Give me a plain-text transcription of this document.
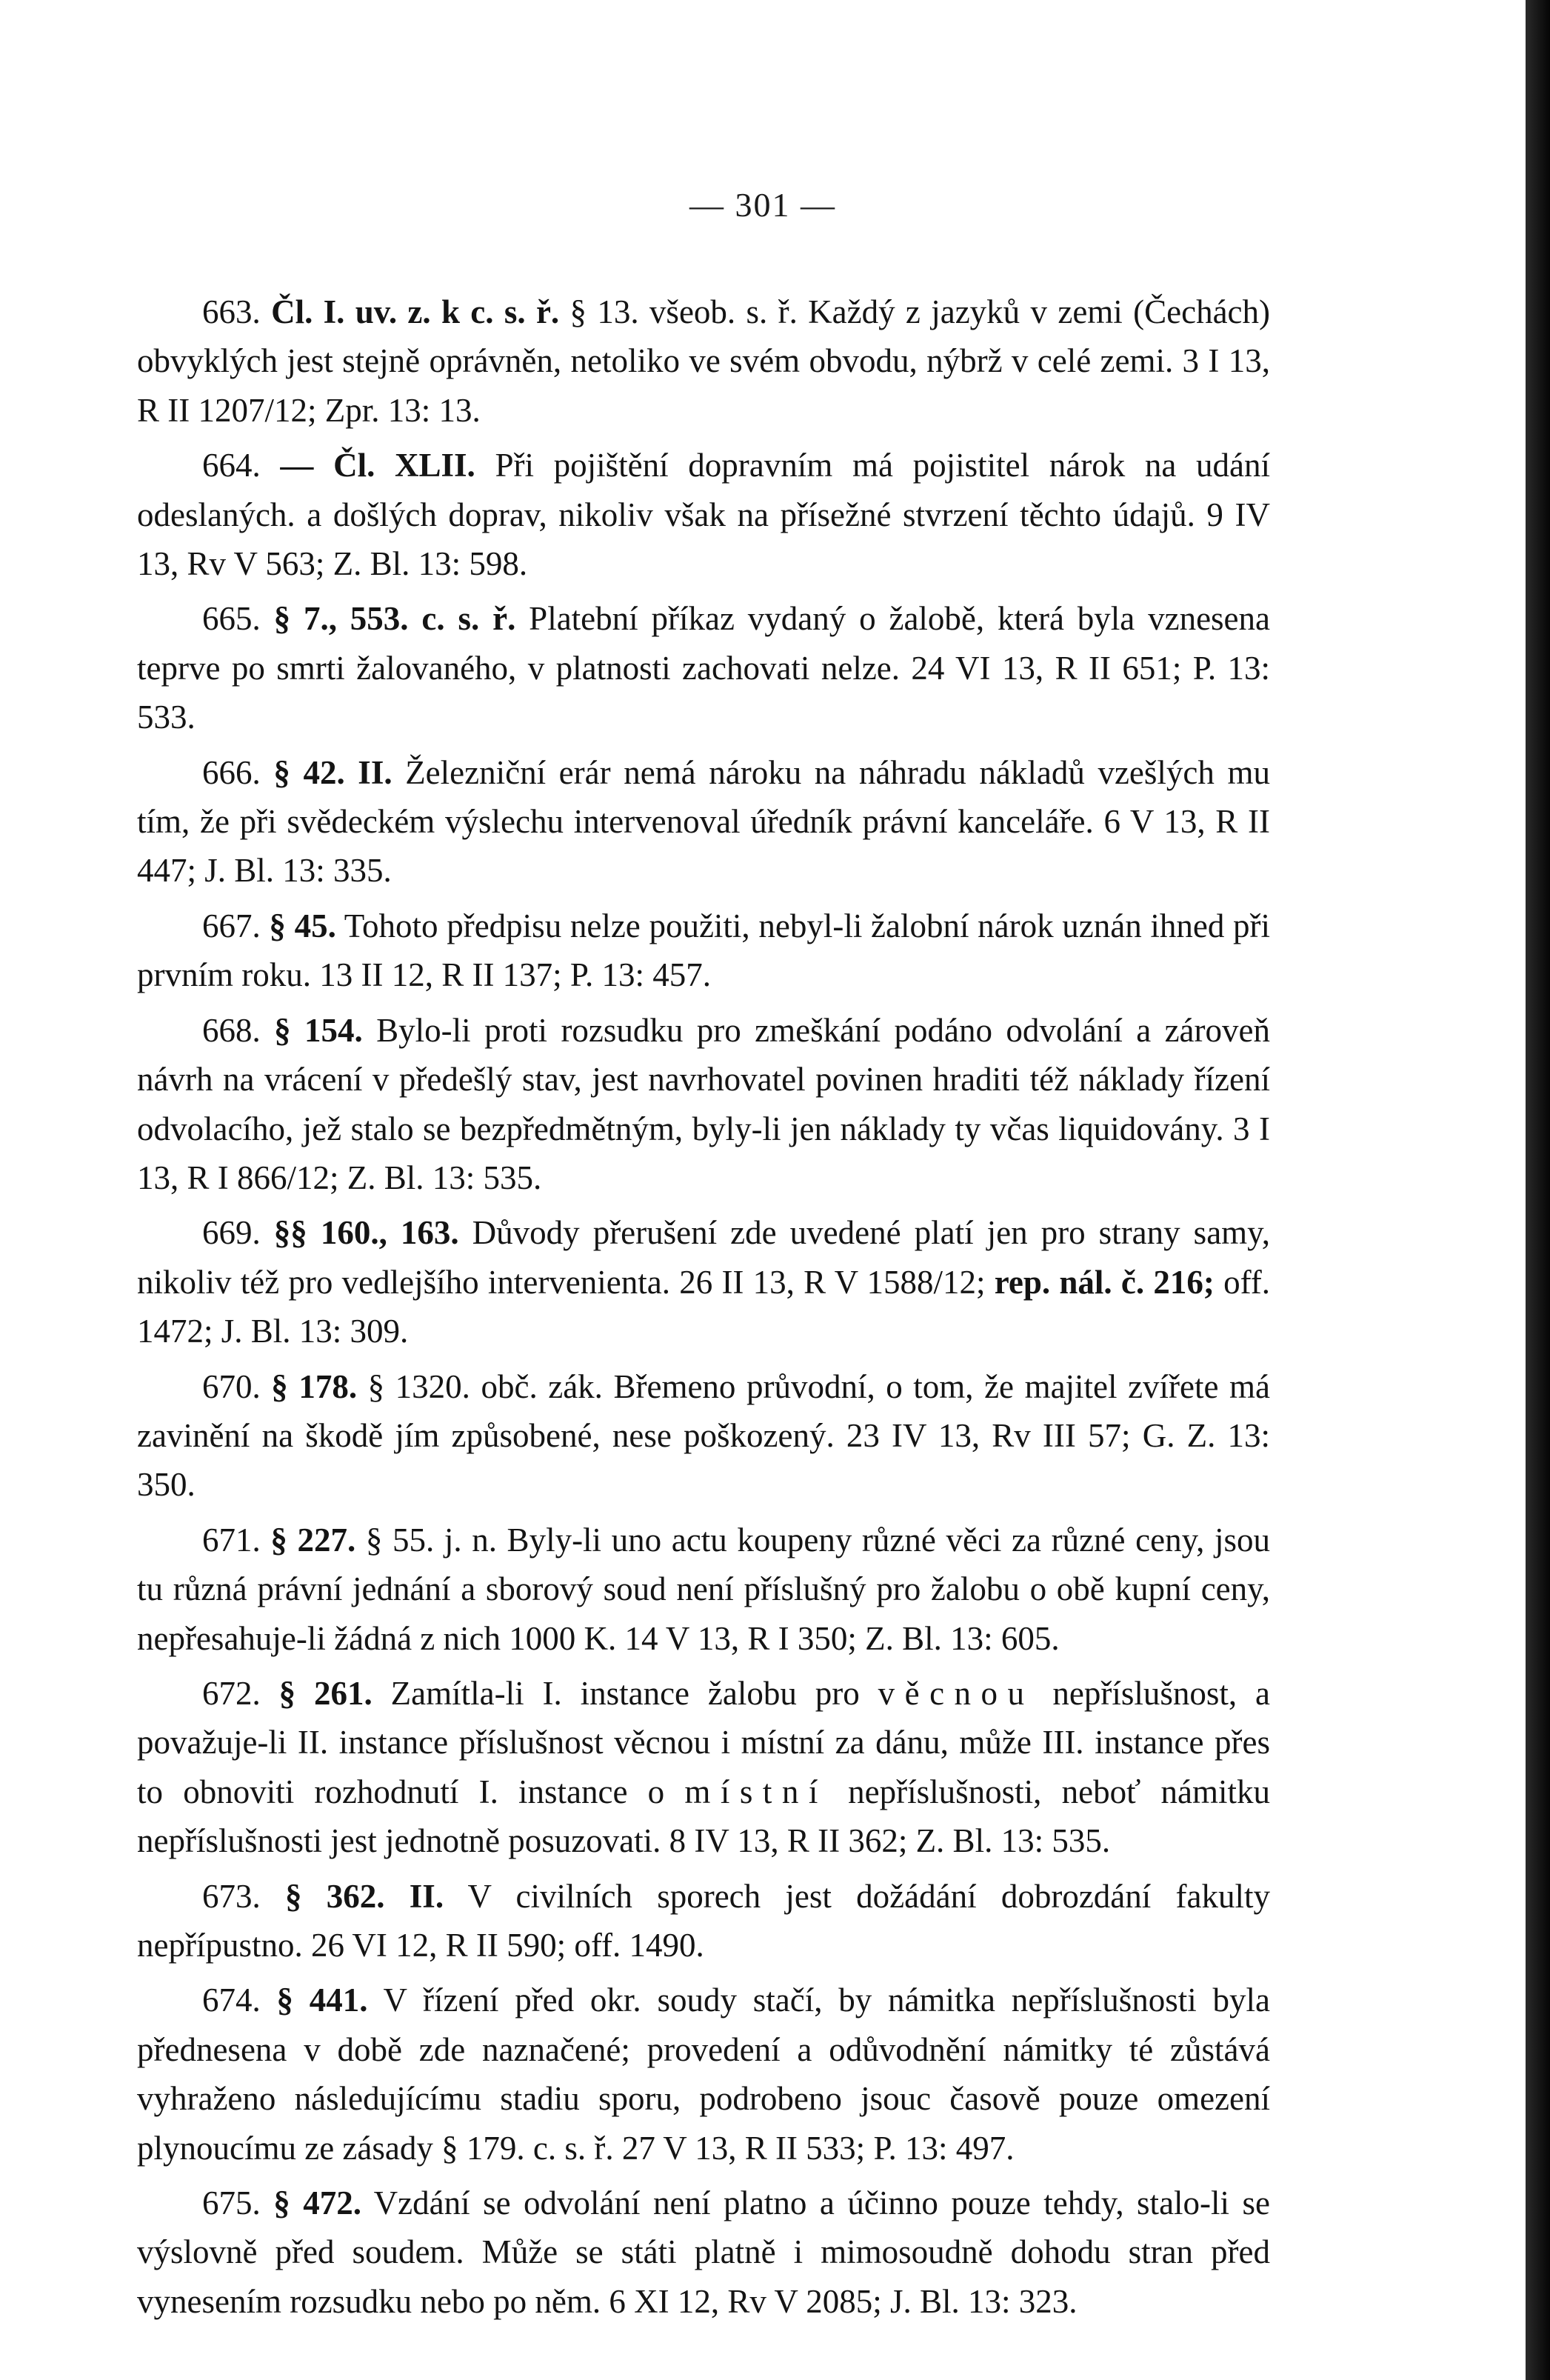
— 301 —

663. Čl. I. uv. z. k c. s. ř. § 13. všeob. s. ř. Každý z jazyků v zemi (Čechách) obvyklých jest stejně oprávněn, netoliko ve svém obvodu, nýbrž v celé zemi. 3 I 13, R II 1207/12; Zpr. 13: 13.

664. — Čl. XLII. Při pojištění dopravním má pojistitel nárok na udání odeslaných. a došlých doprav, nikoliv však na přísežné stvrzení těchto údajů. 9 IV 13, Rv V 563; Z. Bl. 13: 598.

665. § 7., 553. c. s. ř. Platební příkaz vydaný o žalobě, která byla vznesena teprve po smrti žalovaného, v platnosti zachovati nelze. 24 VI 13, R II 651; P. 13: 533.

666. § 42. II. Železniční erár nemá nároku na náhradu nákladů vzešlých mu tím, že při svědeckém výslechu intervenoval úředník právní kanceláře. 6 V 13, R II 447; J. Bl. 13: 335.

667. § 45. Tohoto předpisu nelze použiti, nebyl-li žalobní nárok uznán ihned při prvním roku. 13 II 12, R II 137; P. 13: 457.

668. § 154. Bylo-li proti rozsudku pro zmeškání podáno odvolání a zároveň návrh na vrácení v předešlý stav, jest navrhovatel povinen hraditi též náklady řízení odvolacího, jež stalo se bezpředmětným, byly-li jen náklady ty včas liquidovány. 3 I 13, R I 866/12; Z. Bl. 13: 535.

669. §§ 160., 163. Důvody přerušení zde uvedené platí jen pro strany samy, nikoliv též pro vedlejšího intervenienta. 26 II 13, R V 1588/12; rep. nál. č. 216; off. 1472; J. Bl. 13: 309.

670. § 178. § 1320. obč. zák. Břemeno průvodní, o tom, že majitel zvířete má zavinění na škodě jím způsobené, nese poškozený. 23 IV 13, Rv III 57; G. Z. 13: 350.

671. § 227. § 55. j. n. Byly-li uno actu koupeny různé věci za různé ceny, jsou tu různá právní jednání a sborový soud není příslušný pro žalobu o obě kupní ceny, nepřesahuje-li žádná z nich 1000 K. 14 V 13, R I 350; Z. Bl. 13: 605.

672. § 261. Zamítla-li I. instance žalobu pro věcnou nepříslušnost, a považuje-li II. instance příslušnost věcnou i místní za dánu, může III. instance přes to obnoviti rozhodnutí I. instance o místní nepříslušnosti, neboť námitku nepříslušnosti jest jednotně posuzovati. 8 IV 13, R II 362; Z. Bl. 13: 535.

673. § 362. II. V civilních sporech jest dožádání dobrozdání fakulty nepřípustno. 26 VI 12, R II 590; off. 1490.

674. § 441. V řízení před okr. soudy stačí, by námitka nepříslušnosti byla přednesena v době zde naznačené; provedení a odůvodnění námitky té zůstává vyhraženo následujícímu stadiu sporu, podrobeno jsouc časově pouze omezení plynoucímu ze zásady § 179. c. s. ř. 27 V 13, R II 533; P. 13: 497.

675. § 472. Vzdání se odvolání není platno a účinno pouze tehdy, stalo-li se výslovně před soudem. Může se státi platně i mimosoudně dohodu stran před vynesením rozsudku nebo po něm. 6 XI 12, Rv V 2085; J. Bl. 13: 323.
